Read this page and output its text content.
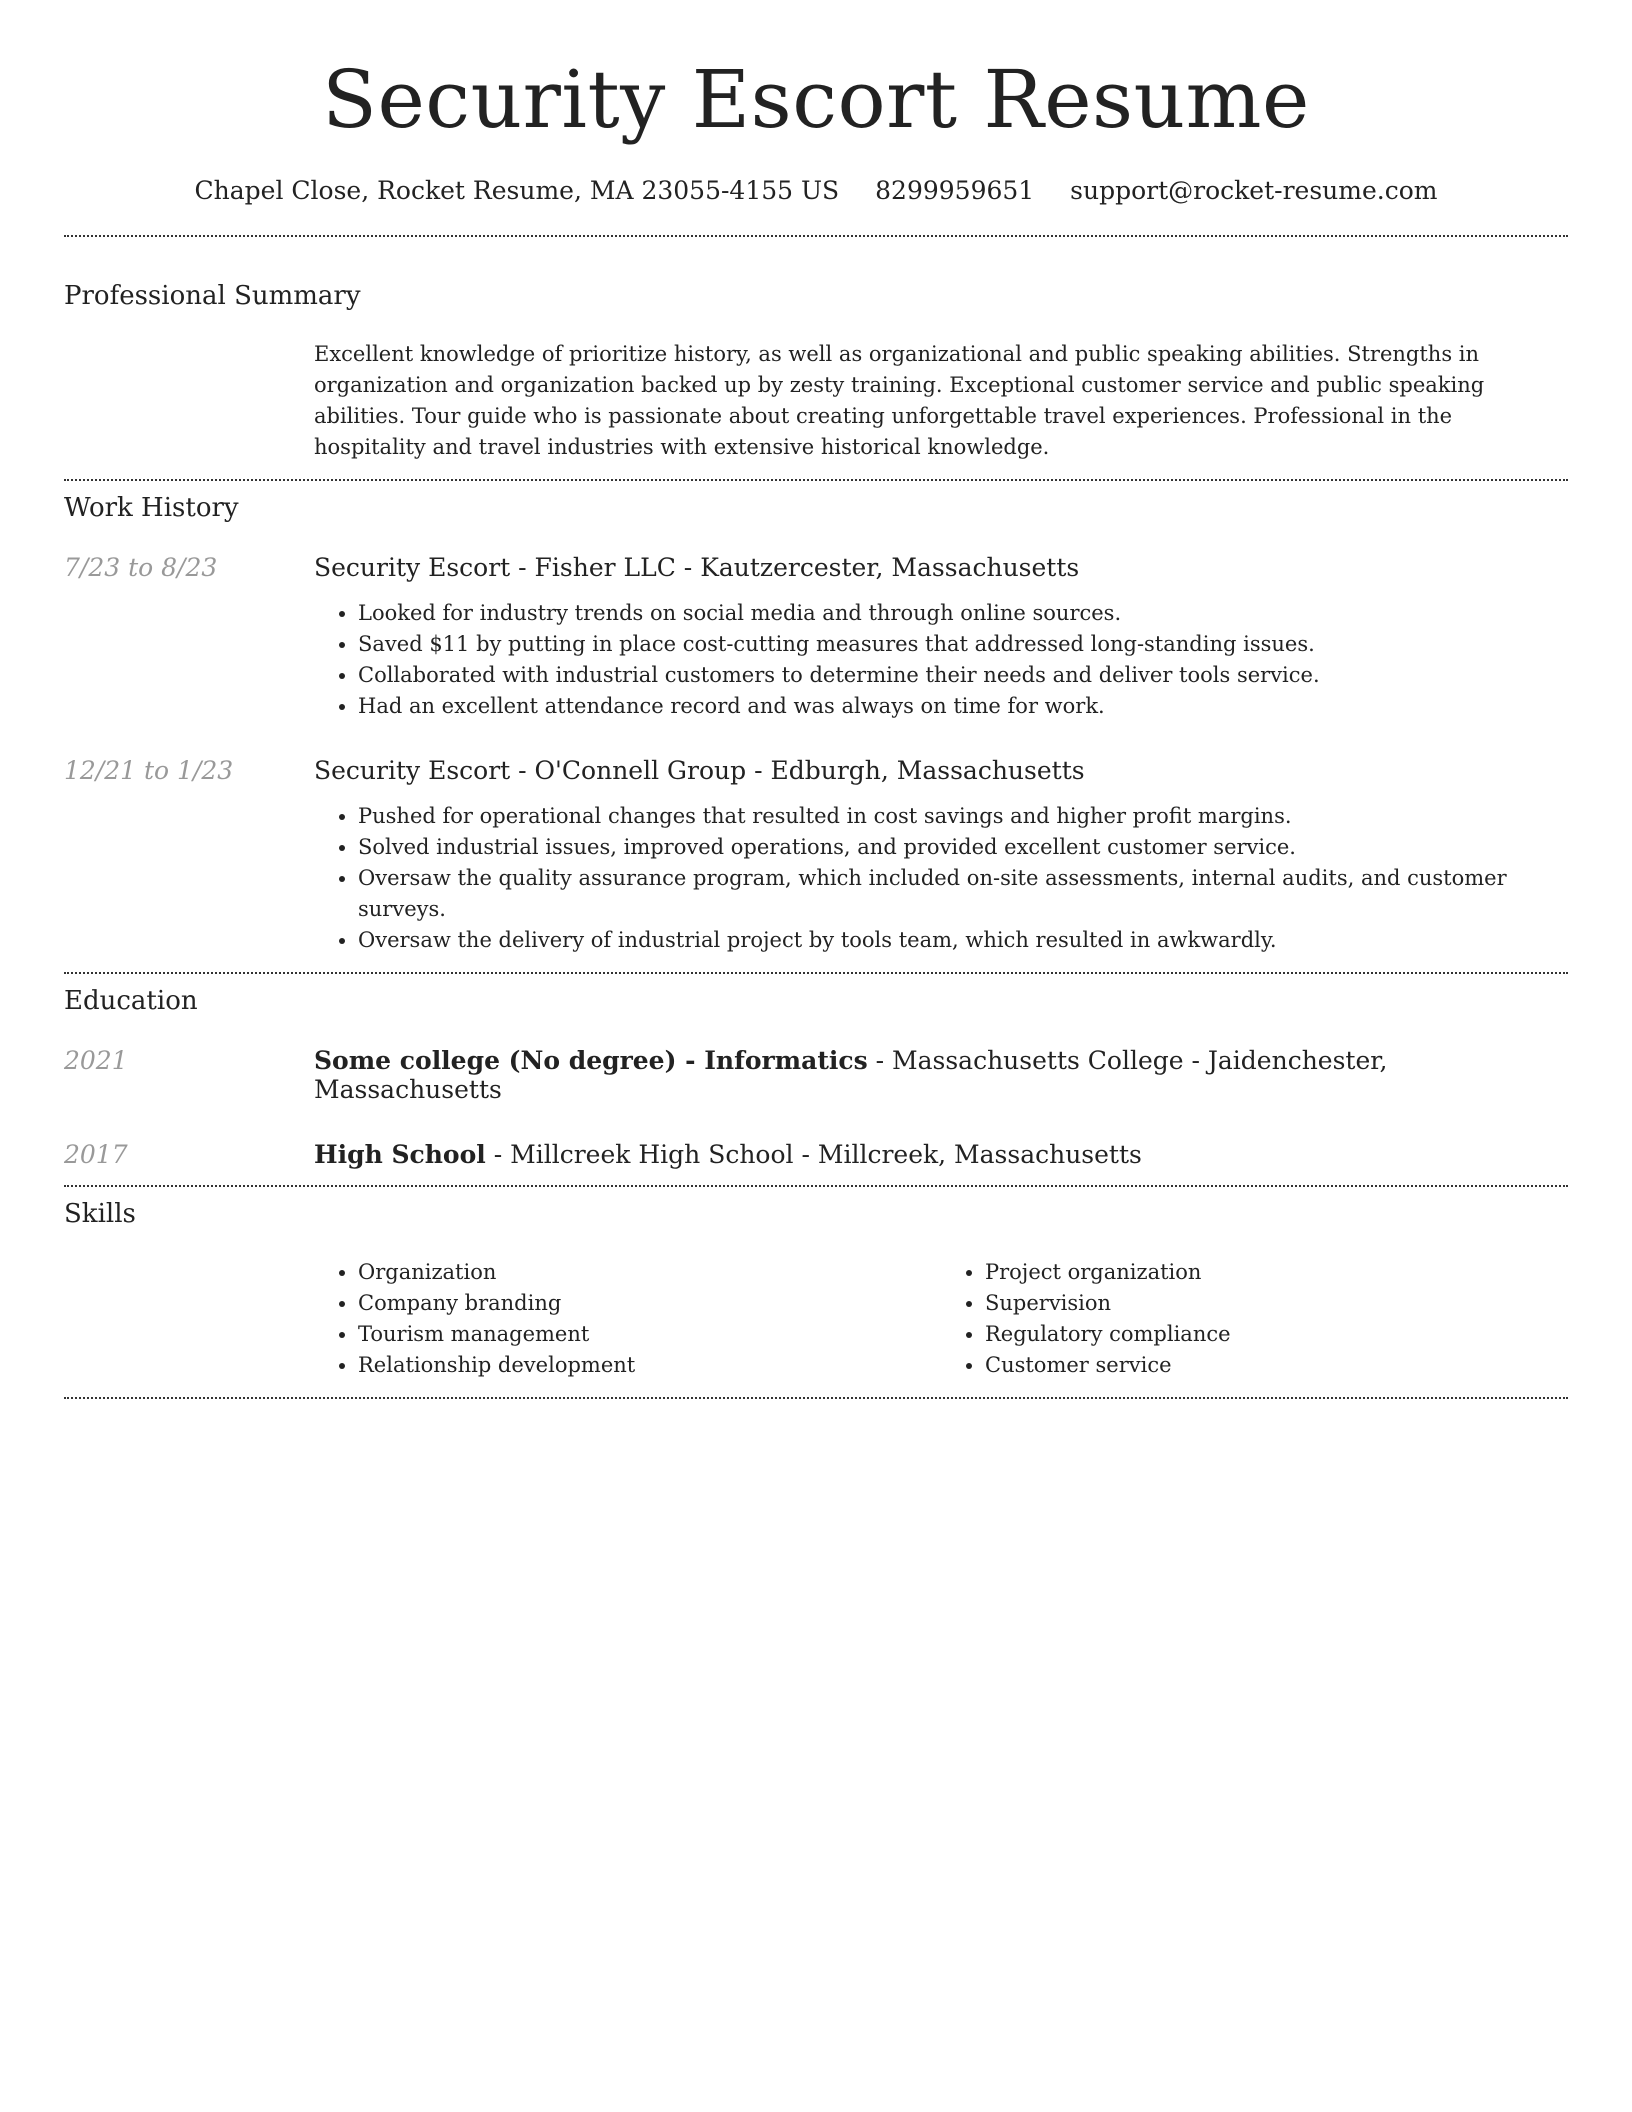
Security Escort Resume
Chapel Close, Rocket Resume, MA 23055-4155 US 8299959651 support@rocket-resume.com
Professional Summary
Excellent knowledge of prioritize history, as well as organizational and public speaking abilities. Strengths in organization and organization backed up by zesty training. Exceptional customer service and public speaking abilities. Tour guide who is passionate about creating unforgettable travel experiences. Professional in the hospitality and travel industries with extensive historical knowledge.
Work History
7/23 to 8/23	Security Escort - Fisher LLC - Kautzercester, Massachusetts
• Looked for industry trends on social media and through online sources.
• Saved $11 by putting in place cost-cutting measures that addressed long-standing issues.
• Collaborated with industrial customers to determine their needs and deliver tools service.
• Had an excellent attendance record and was always on time for work.
12/21 to 1/23	Security Escort - O'Connell Group - Edburgh, Massachusetts
• Pushed for operational changes that resulted in cost savings and higher profit margins.
• Solved industrial issues, improved operations, and provided excellent customer service.
• Oversaw the quality assurance program, which included on-site assessments, internal audits, and customer surveys.
• Oversaw the delivery of industrial project by tools team, which resulted in awkwardly.
Education
2021	Some college (No degree) - Informatics - Massachusetts College - Jaidenchester, Massachusetts
2017	High School - Millcreek High School - Millcreek, Massachusetts
Skills
• Organization
• Company branding
• Tourism management
• Relationship development
• Project organization
• Supervision
• Regulatory compliance
• Customer service
